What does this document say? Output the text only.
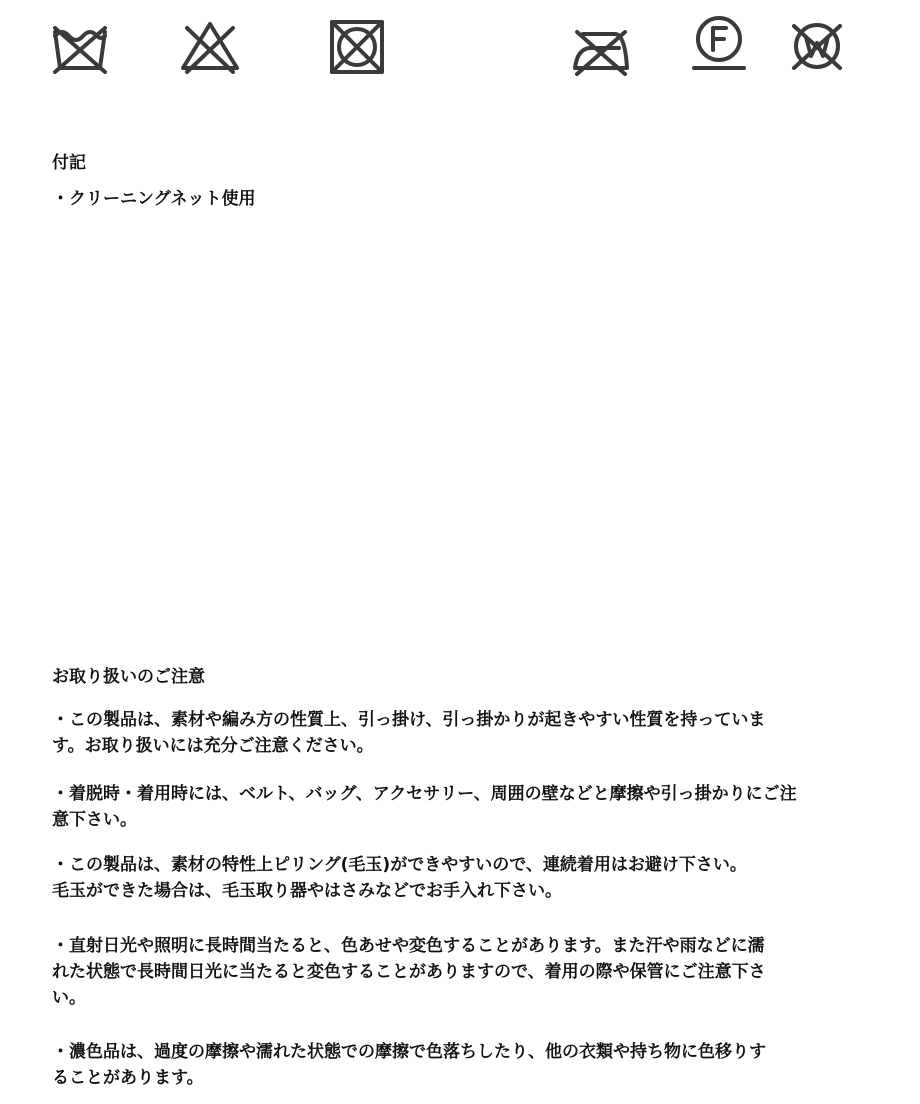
付記
・クリーニングネット使用
お取り扱いのご注意
・この製品は、素材や編み方の性質上、引っ掛け、引っ掛かりが起きやすい性質を持っていま
す。お取り扱いには充分ご注意ください。
・着脱時・着用時には、ベルト、バッグ、アクセサリー、周囲の壁などと摩擦や引っ掛かりにご注
意下さい。
・この製品は、素材の特性上ピリング(毛玉)ができやすいので、連続着用はお避け下さい。
毛玉ができた場合は、毛玉取り器やはさみなどでお手入れ下さい。
・直射日光や照明に長時間当たると、色あせや変色することがあります。また汗や雨などに濡
れた状態で長時間日光に当たると変色することがありますので、着用の際や保管にご注意下さ
い。
・濃色品は、過度の摩擦や濡れた状態での摩擦で色落ちしたり、他の衣類や持ち物に色移りす
ることがあります。
